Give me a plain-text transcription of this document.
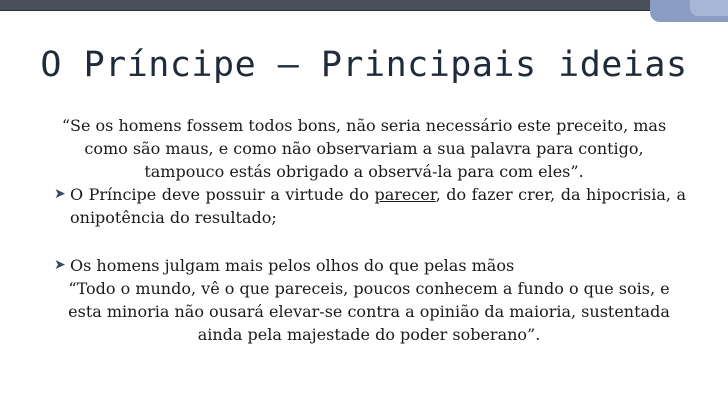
O Príncipe – Principais ideias

“Se os homens fossem todos bons, não seria necessário este preceito, mas
como são maus, e como não observariam a sua palavra para contigo,
tampouco estás obrigado a observá-la para com eles”.

➤ O Príncipe deve possuir a virtude do parecer, do fazer crer, da hipocrisia, a onipotência do resultado;

➤ Os homens julgam mais pelos olhos do que pelas mãos

“Todo o mundo, vê o que pareceis, poucos conhecem a fundo o que sois, e
esta minoria não ousará elevar-se contra a opinião da maioria, sustentada
ainda pela majestade do poder soberano”.
